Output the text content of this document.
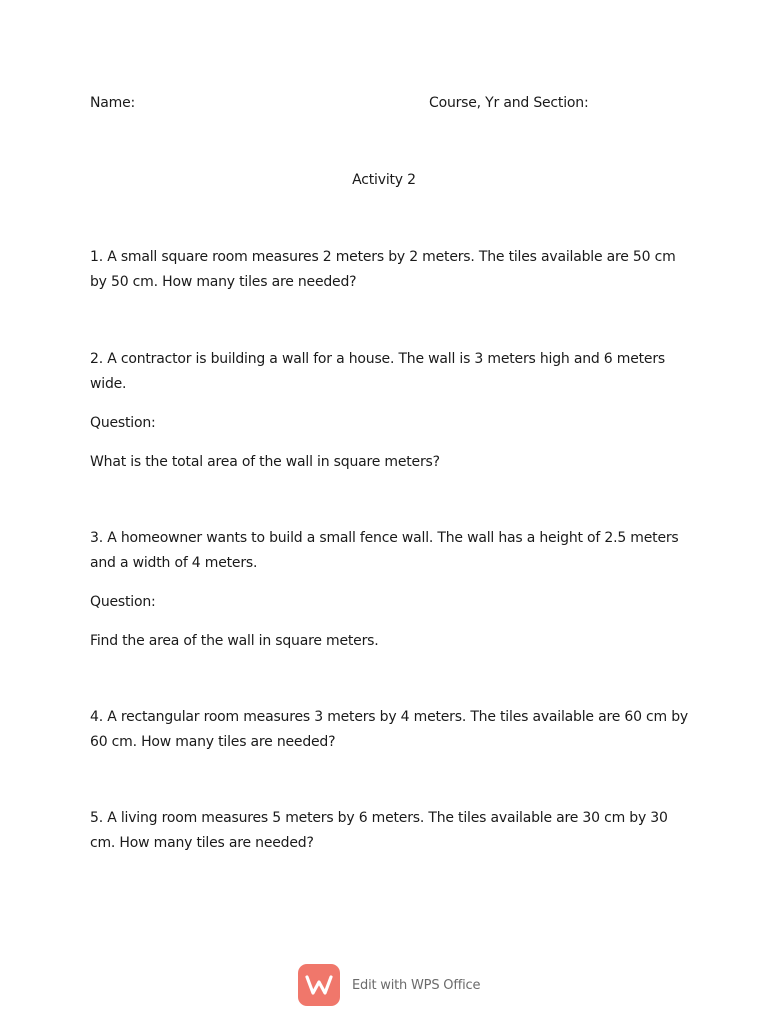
Name:	Course, Yr and Section:
Activity 2
1. A small square room measures 2 meters by 2 meters. The tiles available are 50 cm by 50 cm. How many tiles are needed?
2. A contractor is building a wall for a house. The wall is 3 meters high and 6 meters wide.
Question:
What is the total area of the wall in square meters?
3. A homeowner wants to build a small fence wall. The wall has a height of 2.5 meters and a width of 4 meters.
Question:
Find the area of the wall in square meters.
4. A rectangular room measures 3 meters by 4 meters. The tiles available are 60 cm by 60 cm. How many tiles are needed?
5. A living room measures 5 meters by 6 meters. The tiles available are 30 cm by 30 cm. How many tiles are needed?
Edit with WPS Office
